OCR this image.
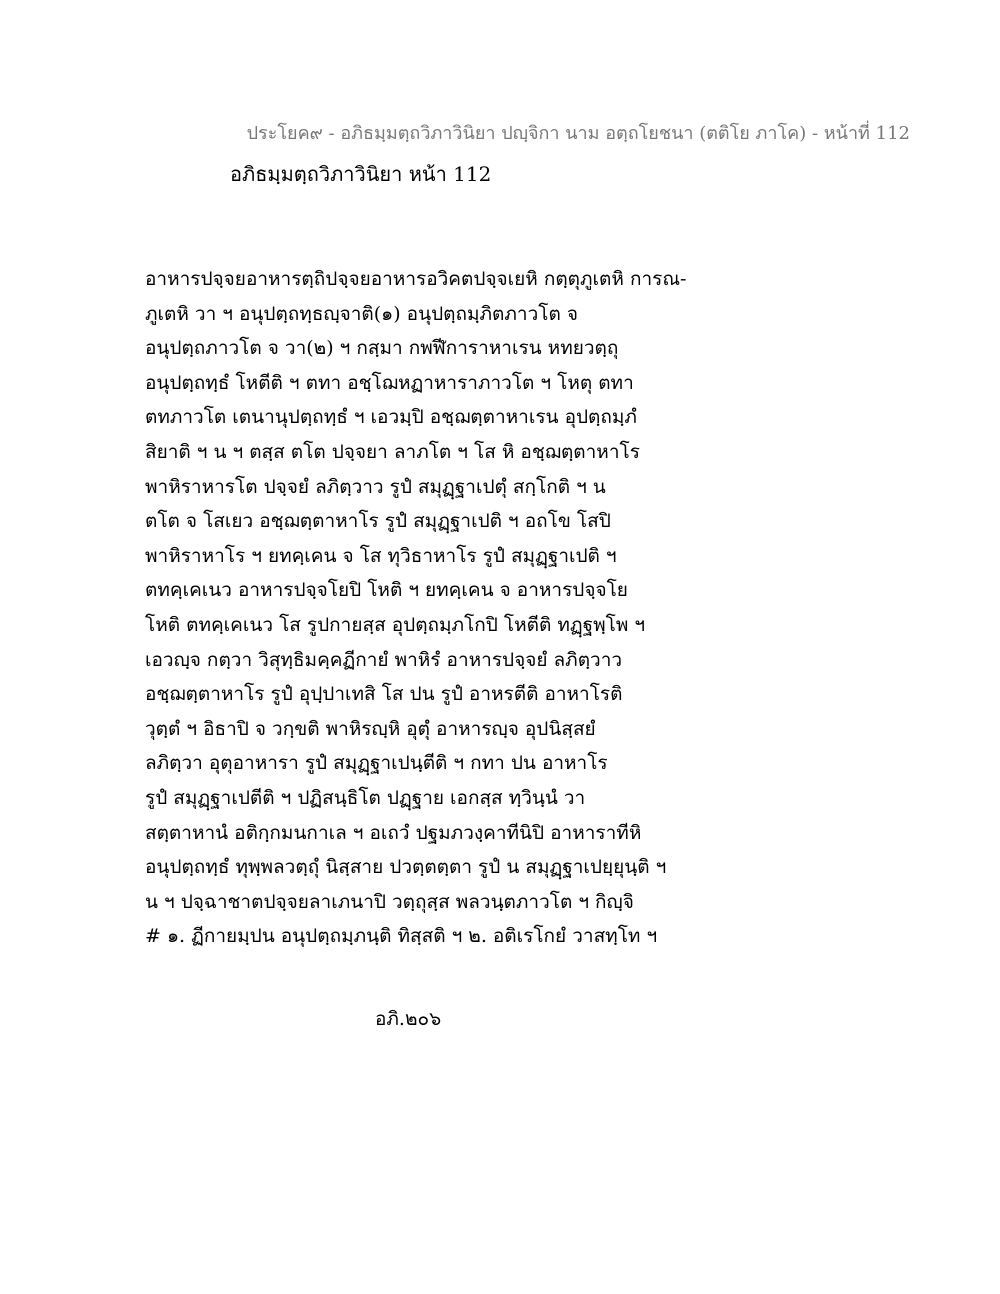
ประโยค๙ - อภิธมฺมตฺถวิภาวินิยา ปญฺจิกา นาม อตฺถโยชนา (ตติโย ภาโค) - หน้าที่ 112
อภิธมฺมตฺถวิภาวินิยา หน้า 112
อาหารปจฺจยอาหารตฺถิปจฺจยอาหารอวิคตปจฺจเยหิ กตฺตุภูเตหิ การณ-
ภูเตหิ วา ฯ อนุปตฺถทฺธญฺจาติ(๑) อนุปตฺถมฺภิตภาวโต จ
อนุปตฺถภาวโต จ วา(๒) ฯ กสฺมา กพฬีการาหาเรน หทยวตฺถุ
อนุปตฺถทฺธํ โหตีติ ฯ ตทา อชฺโฌหฏาหาราภาวโต ฯ โหตุ ตทา
ตทภาวโต เตนานุปตฺถทฺธํ ฯ เอวมฺปิ อชฺฌตฺตาหาเรน อุปตฺถมฺภํ
สิยาติ ฯ น ฯ ตสฺส ตโต ปจฺจยา ลาภโต ฯ โส หิ อชฺฌตฺตาหาโร
พาหิราหารโต ปจฺจยํ ลภิตฺวาว รูปํ สมุฏฺฐาเปตุํ สกฺโกติ ฯ น
ตโต จ โสเยว อชฺฌตฺตาหาโร รูปํ สมุฏฺฐาเปติ ฯ อถโข โสปิ
พาหิราหาโร ฯ ยทคฺเคน จ โส ทุวิธาหาโร รูปํ สมุฏฺฐาเปติ ฯ
ตทคฺเคเนว อาหารปจฺจโยปิ โหติ ฯ ยทคฺเคน จ อาหารปจฺจโย
โหติ ตทคฺเคเนว โส รูปกายสฺส อุปตฺถมฺภโกปิ โหตีติ ทฏฺฐพฺโพ ฯ
เอวญฺจ กตฺวา วิสุทฺธิมคฺคฏีกายํ พาหิรํ อาหารปจฺจยํ ลภิตฺวาว
อชฺฌตฺตาหาโร รูปํ อุปฺปาเทสิ โส ปน รูปํ อาหรตีติ อาหาโรติ
วุตฺตํ ฯ อิธาปิ จ วกฺขติ พาหิรญฺหิ อุตุํ อาหารญฺจ อุปนิสฺสยํ
ลภิตฺวา อุตุอาหารา รูปํ สมุฏฺฐาเปนฺตีติ ฯ กทา ปน อาหาโร
รูปํ สมุฏฺฐาเปตีติ ฯ ปฏิสนฺธิโต ปฏฺฐาย เอกสฺส ทฺวินฺนํ วา
สตฺตาหานํ อติกฺกมนกาเล ฯ อเถวํ ปฐมภวงฺคาทีนิปิ อาหาราทีหิ
อนุปตฺถทฺธํ ทุพฺพลวตฺถุํ นิสฺสาย ปวตฺตตฺตา รูปํ น สมุฏฺฐาเปยฺยุนฺติ ฯ
น ฯ ปจฺฉาชาตปจฺจยลาเภนาปิ วตฺถุสฺส พลวนฺตภาวโต ฯ กิญฺจิ
# ๑. ฏีกายมฺปน อนุปตฺถมฺภนฺติ ทิสฺสติ ฯ ๒. อติเรโกยํ วาสทฺโท ฯ
อภิ.๒๐๖
